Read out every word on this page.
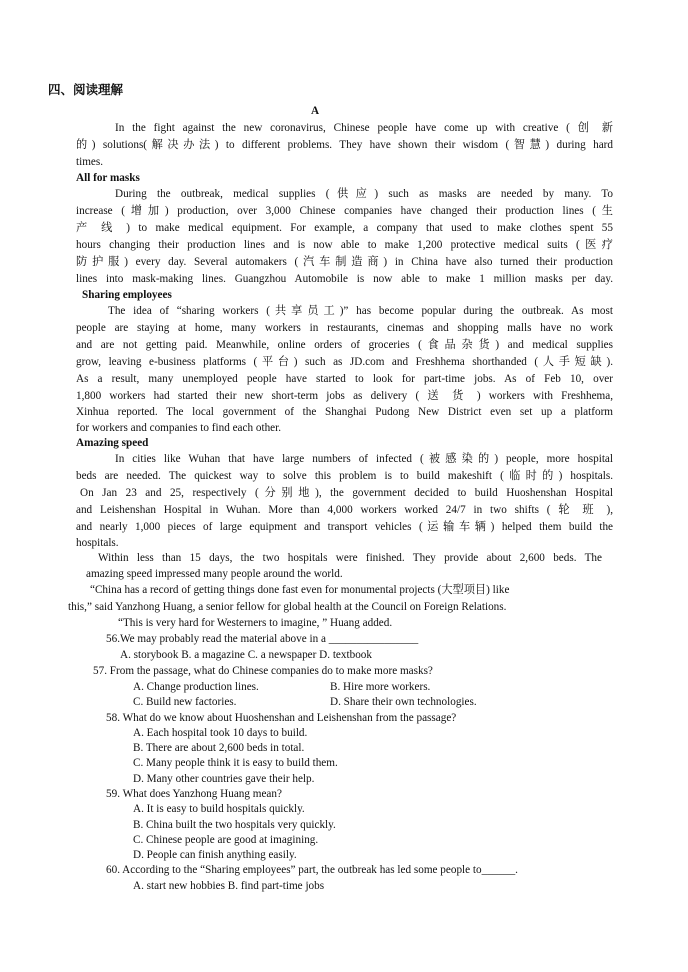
四、阅读理解
A
In the fight against the new coronavirus, Chinese people have come up with creative ( 创 新
的) solutions(解决办法) to different problems. They have shown their wisdom (智慧) during hard
times.
All for masks
During the outbreak, medical supplies (供应) such as masks are needed by many. To
increase (增加) production, over 3,000 Chinese companies have changed their production lines (生
产 线 ) to make medical equipment. For example, a company that used to make clothes spent 55
hours changing their production lines and is now able to make 1,200 protective medical suits (医疗
防护服) every day. Several automakers (汽车制造商) in China have also turned their production
lines into mask-making lines. Guangzhou Automobile is now able to make 1 million masks per day.
Sharing employees
The idea of “sharing workers (共享员工)” has become popular during the outbreak. As most
people are staying at home, many workers in restaurants, cinemas and shopping malls have no work
and are not getting paid. Meanwhile, online orders of groceries (食品杂货) and medical supplies
grow, leaving e-business platforms (平台) such as JD.com and Freshhema shorthanded (人手短缺).
As a result, many unemployed people have started to look for part-time jobs. As of Feb 10, over
1,800 workers had started their new short-term jobs as delivery ( 送 货 ) workers with Freshhema,
Xinhua reported. The local government of the Shanghai Pudong New District even set up a platform
for workers and companies to find each other.
Amazing speed
In cities like Wuhan that have large numbers of infected (被感染的) people, more hospital
beds are needed. The quickest way to solve this problem is to build makeshift (临时的) hospitals.
On Jan 23 and 25, respectively (分别地), the government decided to build Huoshenshan Hospital
and Leishenshan Hospital in Wuhan. More than 4,000 workers worked 24/7 in two shifts ( 轮 班 ),
and nearly 1,000 pieces of large equipment and transport vehicles (运输车辆) helped them build the
hospitals.
Within less than 15 days, the two hospitals were finished. They provide about 2,600 beds. The
amazing speed impressed many people around the world.
“China has a record of getting things done fast even for monumental projects (大型项目) like
this,” said Yanzhong Huang, a senior fellow for global health at the Council on Foreign Relations.
“This is very hard for Westerners to imagine, ” Huang added.
56.We may probably read the material above in a ________________
A. storybook B. a magazine C. a newspaper D. textbook
57. From the passage, what do Chinese companies do to make more masks?
A. Change production lines.	B. Hire more workers.
C. Build new factories.	D. Share their own technologies.
58. What do we know about Huoshenshan and Leishenshan from the passage?
A. Each hospital took 10 days to build.
B. There are about 2,600 beds in total.
C. Many people think it is easy to build them.
D. Many other countries gave their help.
59. What does Yanzhong Huang mean?
A. It is easy to build hospitals quickly.
B. China built the two hospitals very quickly.
C. Chinese people are good at imagining.
D. People can finish anything easily.
60. According to the “Sharing employees” part, the outbreak has led some people to______.
A. start new hobbies B. find part-time jobs
